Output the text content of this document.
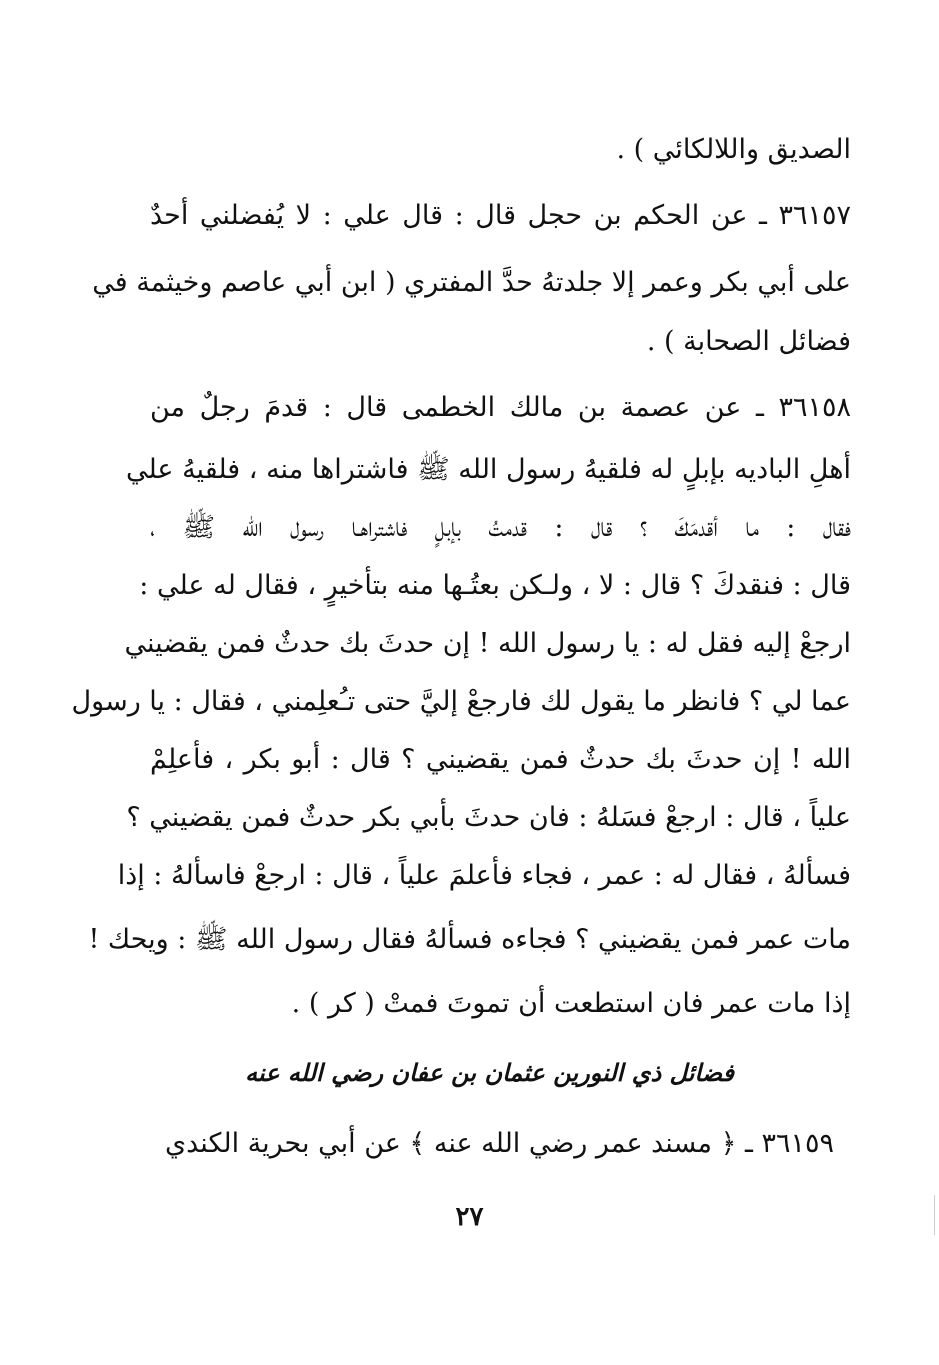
الصديق واللالكائي ) .
٣٦١٥٧ ـ عن الحكم بن حجل قال : قال علي : لا يُفضلني أحدٌ
على أبي بكر وعمر إلا جلدتهُ حدَّ المفتري ( ابن أبي عاصم وخيثمة في
فضائل الصحابة ) .
٣٦١٥٨ ـ عن عصمة بن مالك الخطمى قال : قدمَ رجلٌ من
أهلِ الباديه بإبلٍ له فلقيهُ رسول الله ﷺ فاشتراها منه ، فلقيهُ علي
فقال : ما أقدمَكَ ؟ قال : قدمتُ بإبلٍ فاشتراهـا رسول الله ﷺ ،
قال : فنقدكَ ؟ قال : لا ، ولـكن بعتُـها منه بتأخيرٍ ، فقال له علي :
ارجعْ إليه فقل له : يا رسول الله ! إن حدثَ بك حدثٌ فمن يقضيني
عما لي ؟ فانظر ما يقول لك فارجعْ إليَّ حتى تـُعلِمني ، فقال : يا رسول
الله ! إن حدثَ بك حدثٌ فمن يقضيني ؟ قال : أبو بكر ، فأعلِمْ
علياً ، قال : ارجعْ فسَلهُ : فان حدثَ بأبي بكر حدثٌ فمن يقضيني ؟
فسألهُ ، فقال له : عمر ، فجاء فأعلمَ علياً ، قال : ارجعْ فاسألهُ : إذا
مات عمر فمن يقضيني ؟ فجاءه فسألهُ فقال رسول الله ﷺ : ويحك !
إذا مات عمر فان استطعت أن تموتَ فمتْ ( كر ) .
فضائل ذي النورين عثمان بن عفان رضي الله عنه
٣٦١٥٩ ـ ﴿ مسند عمر رضي الله عنه ﴾ عن أبي بحرية الكندي
٢٧
